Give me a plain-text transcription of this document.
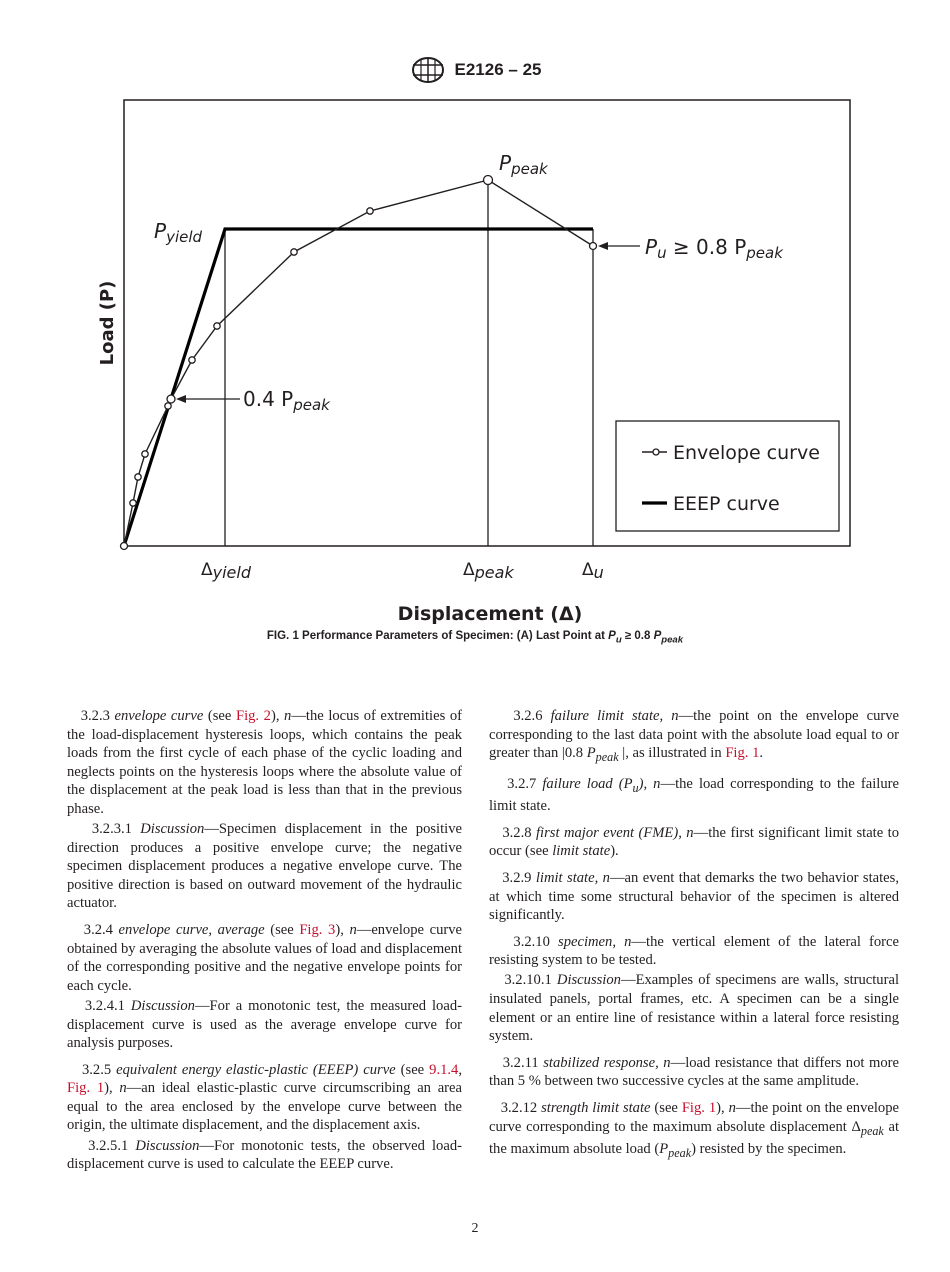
E2126 – 25
$P_{yield}$
$P_{peak}$
$P_u \ge 0.8$ $P_{peak}$
0.4 $P_{peak}$
Δyield	Δpeak	Δu
Displacement (Δ)
Load (P)
Envelope curve
EEEP curve
FIG. 1 Performance Parameters of Specimen: (A) Last Point at $P_u \ge 0.8$ $P_{peak}$

3.2.3 envelope curve (see Fig. 2), n—the locus of extremities of the load-displacement hysteresis loops, which contains the peak loads from the first cycle of each phase of the cyclic loading and neglects points on the hysteresis loops where the absolute value of the displacement at the peak load is less than that in the previous phase.

3.2.3.1 Discussion—Specimen displacement in the positive direction produces a positive envelope curve; the negative specimen displacement produces a negative envelope curve. The positive direction is based on outward movement of the hydraulic actuator.

3.2.4 envelope curve, average (see Fig. 3), n—envelope curve obtained by averaging the absolute values of load and displacement of the corresponding positive and the negative envelope points for each cycle.

3.2.4.1 Discussion—For a monotonic test, the measured load-displacement curve is used as the average envelope curve for analysis purposes.

3.2.5 equivalent energy elastic-plastic (EEEP) curve (see 9.1.4, Fig. 1), n—an ideal elastic-plastic curve circumscribing an area equal to the area enclosed by the envelope curve between the origin, the ultimate displacement, and the displacement axis.

3.2.5.1 Discussion—For monotonic tests, the observed load-displacement curve is used to calculate the EEEP curve.

3.2.6 failure limit state, n—the point on the envelope curve corresponding to the last data point with the absolute load equal to or greater than |0.8 $P_{peak}$ |, as illustrated in Fig. 1.

3.2.7 failure load $(P_u)$, n—the load corresponding to the failure limit state.

3.2.8 first major event (FME), n—the first significant limit state to occur (see limit state).

3.2.9 limit state, n—an event that demarks the two behavior states, at which time some structural behavior of the specimen is altered significantly.

3.2.10 specimen, n—the vertical element of the lateral force resisting system to be tested.

3.2.10.1 Discussion—Examples of specimens are walls, structural insulated panels, portal frames, etc. A specimen can be a single element or an entire line of resistance within a lateral force resisting system.

3.2.11 stabilized response, n—load resistance that differs not more than 5 % between two successive cycles at the same amplitude.

3.2.12 strength limit state (see Fig. 1), n—the point on the envelope curve corresponding to the maximum absolute displacement $\Delta_{peak}$ at the maximum absolute load $(P_{peak})$ resisted by the specimen.

2
